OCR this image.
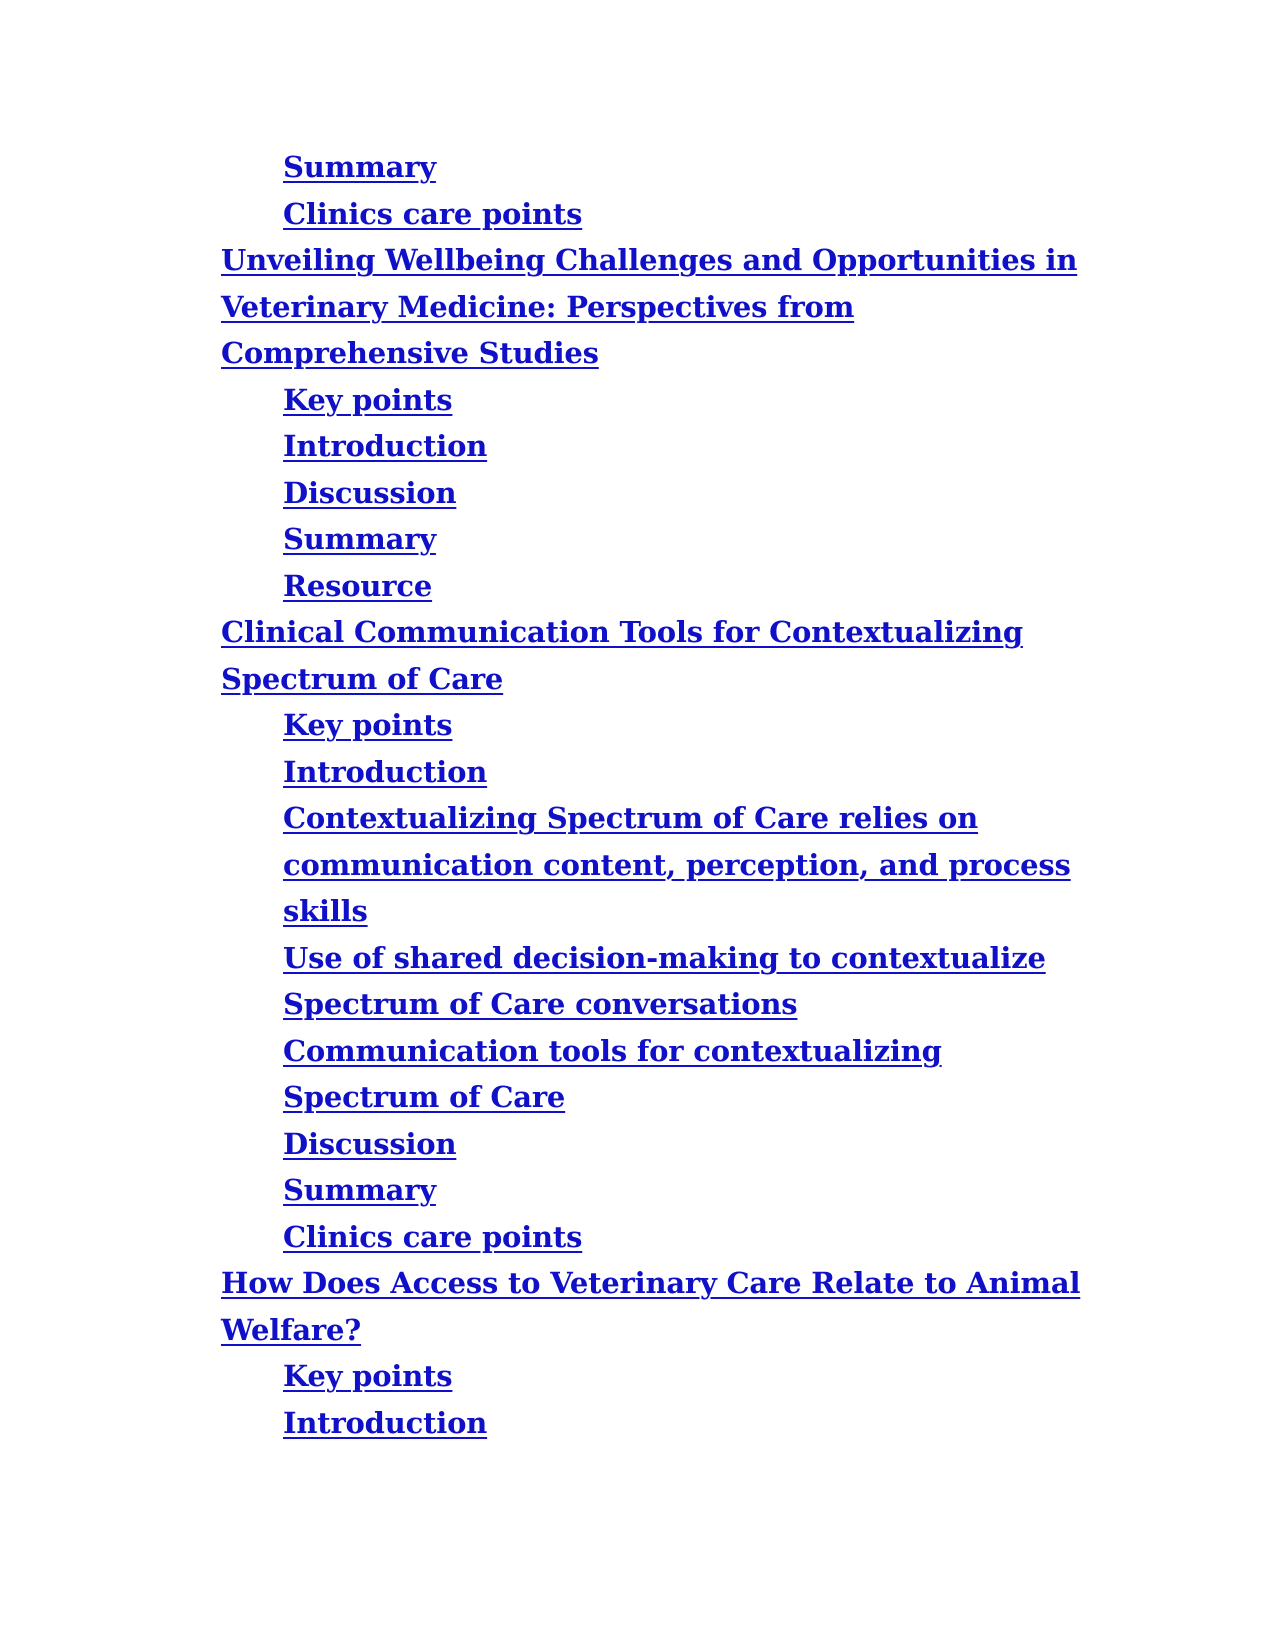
Summary
Clinics care points
Unveiling Wellbeing Challenges and Opportunities in Veterinary Medicine: Perspectives from Comprehensive Studies
Key points
Introduction
Discussion
Summary
Resource
Clinical Communication Tools for Contextualizing Spectrum of Care
Key points
Introduction
Contextualizing Spectrum of Care relies on communication content, perception, and process skills
Use of shared decision-making to contextualize Spectrum of Care conversations
Communication tools for contextualizing Spectrum of Care
Discussion
Summary
Clinics care points
How Does Access to Veterinary Care Relate to Animal Welfare?
Key points
Introduction
